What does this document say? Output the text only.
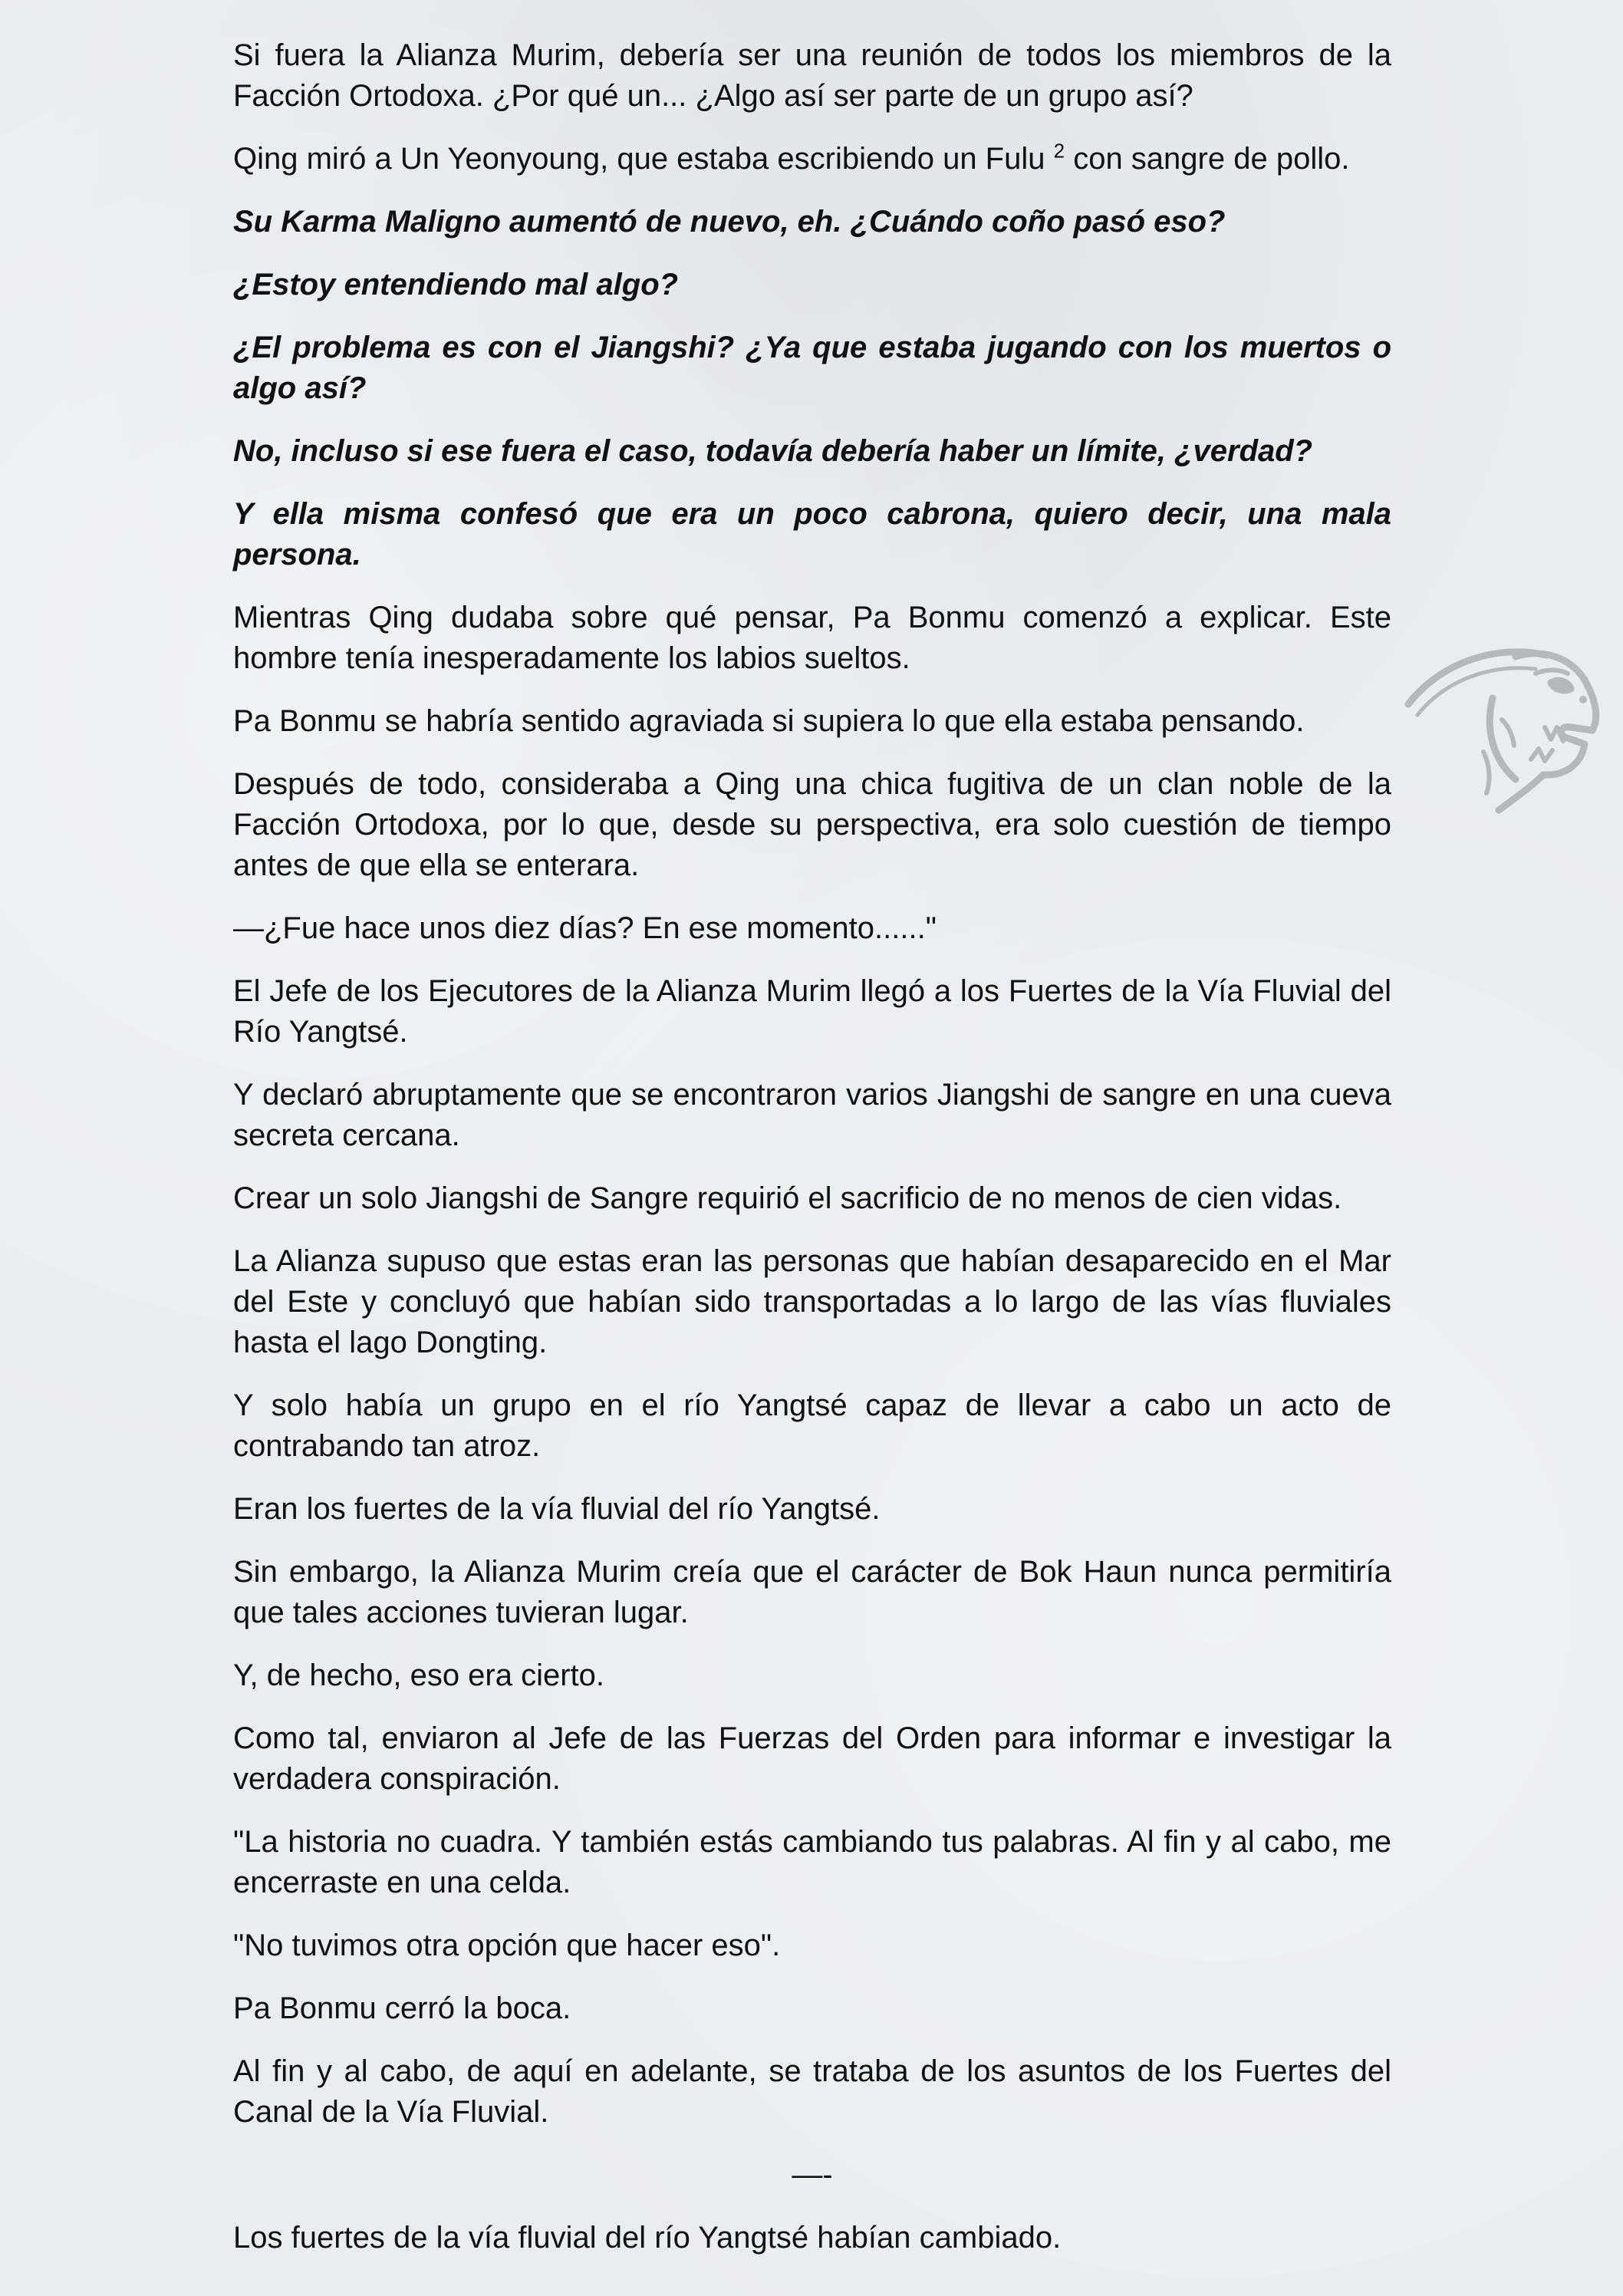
Si fuera la Alianza Murim, debería ser una reunión de todos los miembros de la Facción Ortodoxa. ¿Por qué un... ¿Algo así ser parte de un grupo así?

Qing miró a Un Yeonyoung, que estaba escribiendo un Fulu $^2$ con sangre de pollo.

Su Karma Maligno aumentó de nuevo, eh. ¿Cuándo coño pasó eso?

¿Estoy entendiendo mal algo?

¿El problema es con el Jiangshi? ¿Ya que estaba jugando con los muertos o algo así?

No, incluso si ese fuera el caso, todavía debería haber un límite, ¿verdad?

Y ella misma confesó que era un poco cabrona, quiero decir, una mala persona.

Mientras Qing dudaba sobre qué pensar, Pa Bonmu comenzó a explicar. Este hombre tenía inesperadamente los labios sueltos.

Pa Bonmu se habría sentido agraviada si supiera lo que ella estaba pensando.

Después de todo, consideraba a Qing una chica fugitiva de un clan noble de la Facción Ortodoxa, por lo que, desde su perspectiva, era solo cuestión de tiempo antes de que ella se enterara.

—¿Fue hace unos diez días? En ese momento......"

El Jefe de los Ejecutores de la Alianza Murim llegó a los Fuertes de la Vía Fluvial del Río Yangtsé.

Y declaró abruptamente que se encontraron varios Jiangshi de sangre en una cueva secreta cercana.

Crear un solo Jiangshi de Sangre requirió el sacrificio de no menos de cien vidas.

La Alianza supuso que estas eran las personas que habían desaparecido en el Mar del Este y concluyó que habían sido transportadas a lo largo de las vías fluviales hasta el lago Dongting.

Y solo había un grupo en el río Yangtsé capaz de llevar a cabo un acto de contrabando tan atroz.

Eran los fuertes de la vía fluvial del río Yangtsé.

Sin embargo, la Alianza Murim creía que el carácter de Bok Haun nunca permitiría que tales acciones tuvieran lugar.

Y, de hecho, eso era cierto.

Como tal, enviaron al Jefe de las Fuerzas del Orden para informar e investigar la verdadera conspiración.

"La historia no cuadra. Y también estás cambiando tus palabras. Al fin y al cabo, me encerraste en una celda.

"No tuvimos otra opción que hacer eso".

Pa Bonmu cerró la boca.

Al fin y al cabo, de aquí en adelante, se trataba de los asuntos de los Fuertes del Canal de la Vía Fluvial.

—-

Los fuertes de la vía fluvial del río Yangtsé habían cambiado.
